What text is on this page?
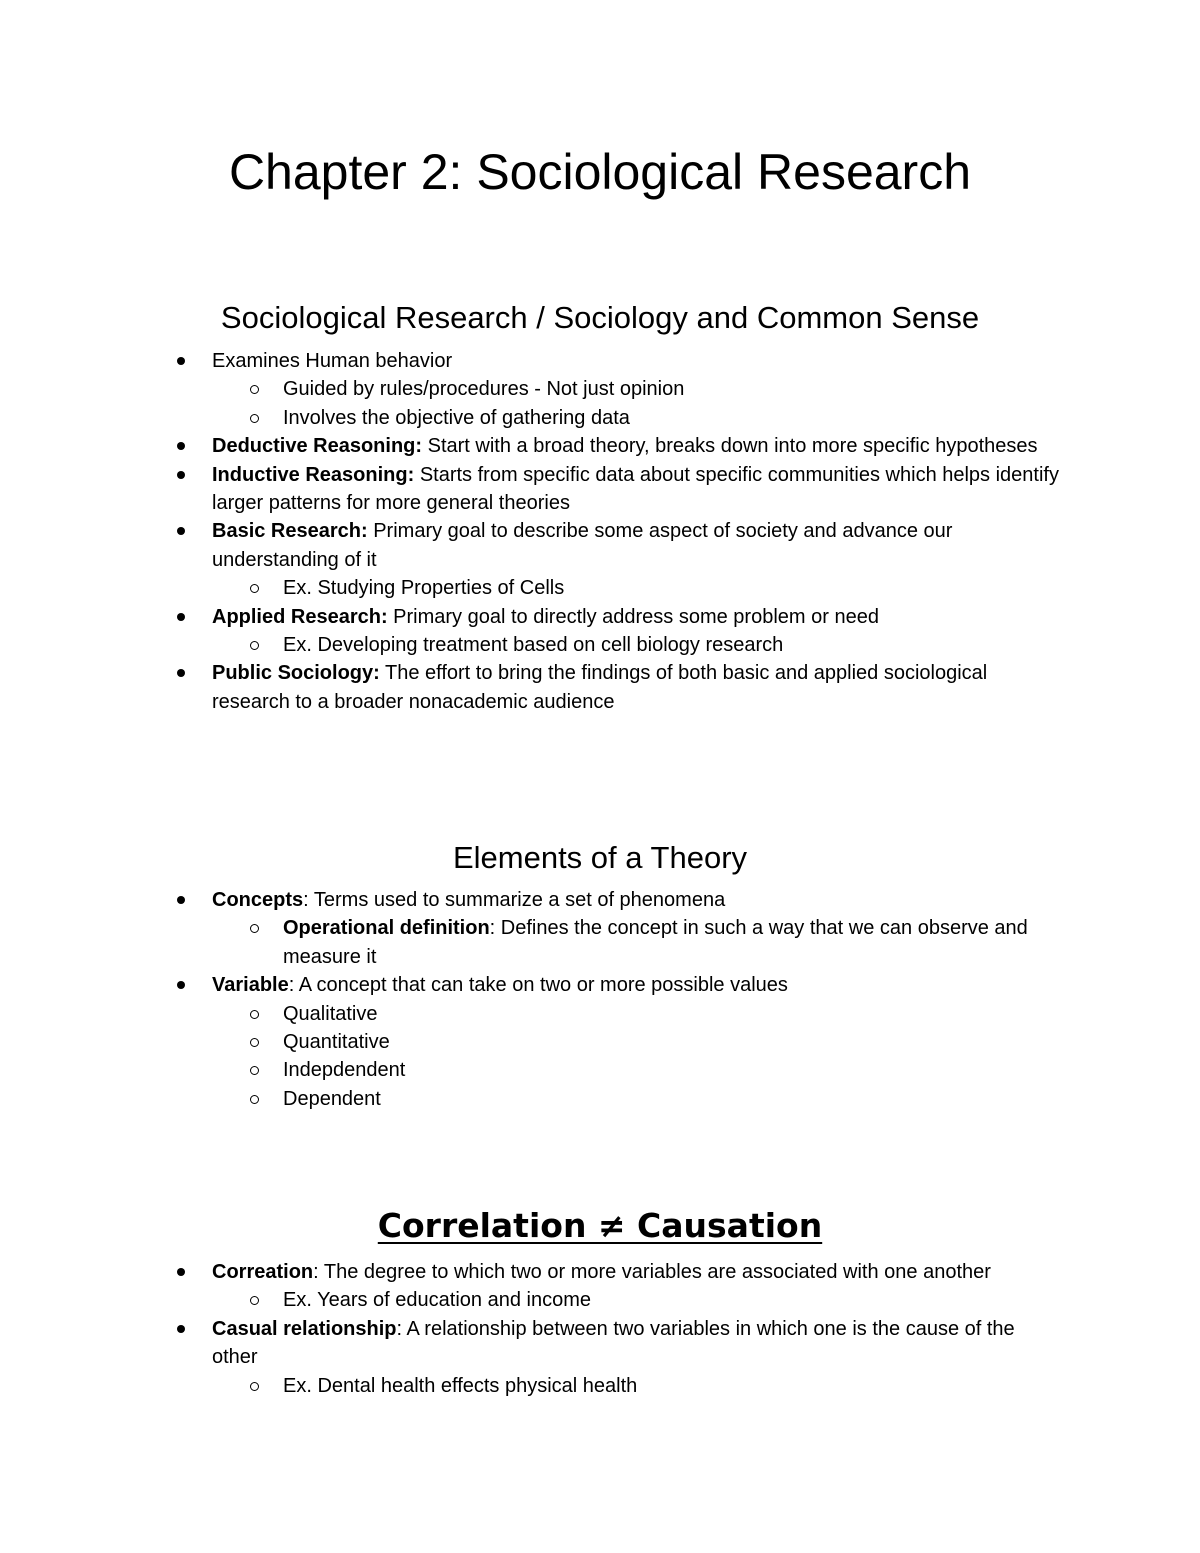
Chapter 2: Sociological Research
Sociological Research / Sociology and Common Sense
Examines Human behavior
Guided by rules/procedures - Not just opinion
Involves the objective of gathering data
Deductive Reasoning: Start with a broad theory, breaks down into more specific hypotheses
Inductive Reasoning: Starts from specific data about specific communities which helps identify larger patterns for more general theories
Basic Research: Primary goal to describe some aspect of society and advance our understanding of it
Ex. Studying Properties of Cells
Applied Research: Primary goal to directly address some problem or need
Ex. Developing treatment based on cell biology research
Public Sociology: The effort to bring the findings of both basic and applied sociological research to a broader nonacademic audience
Elements of a Theory
Concepts: Terms used to summarize a set of phenomena
Operational definition: Defines the concept in such a way that we can observe and measure it
Variable: A concept that can take on two or more possible values
Qualitative
Quantitative
Indepdendent
Dependent
Correlation ≠ Causation
Correation: The degree to which two or more variables are associated with one another
Ex. Years of education and income
Casual relationship: A relationship between two variables in which one is the cause of the other
Ex. Dental health effects physical health
